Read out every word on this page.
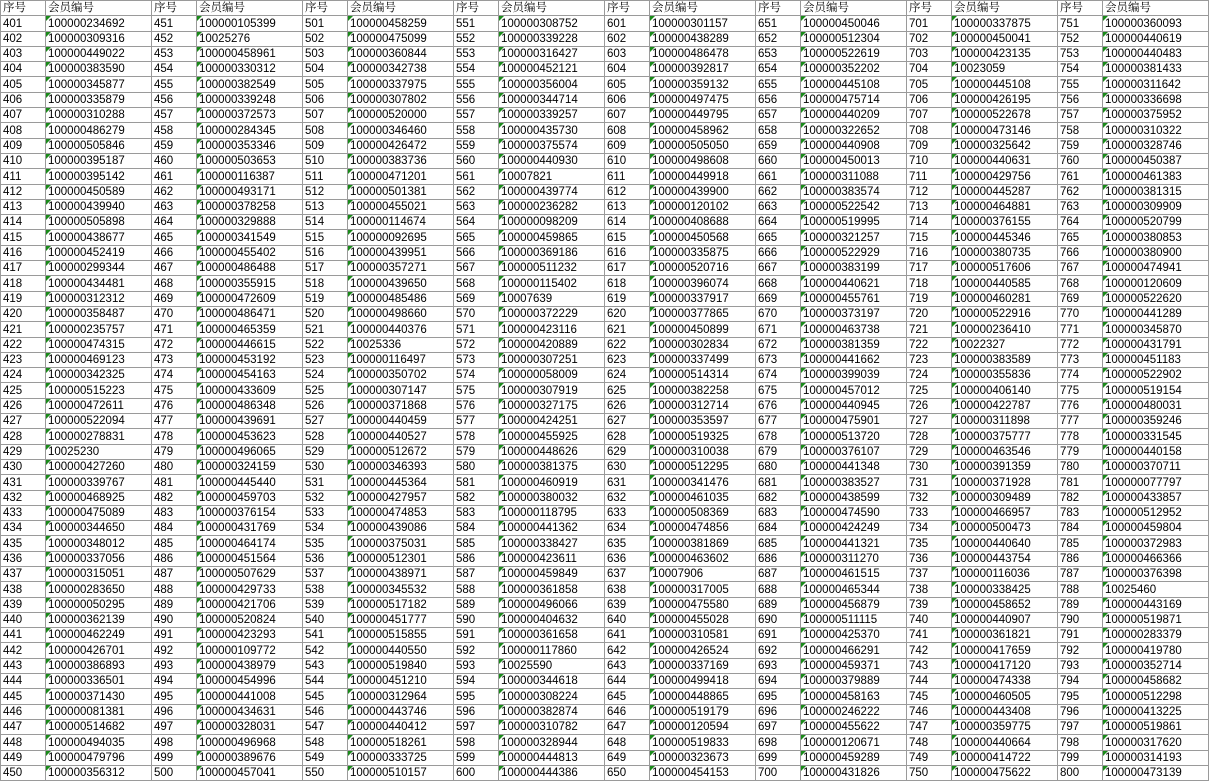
序号	会员编号	序号	会员编号	序号	会员编号	序号	会员编号	序号	会员编号	序号	会员编号	序号	会员编号	序号	会员编号
401	100000234692	451	100000105399	501	100000458259	551	100000308752	601	100000301157	651	100000450046	701	100000337875	751	100000360093
402	100000309316	452	10025276	502	100000475099	552	100000339228	602	100000438289	652	100000512304	702	100000450041	752	100000440619
403	100000449022	453	100000458961	503	100000360844	553	100000316427	603	100000486478	653	100000522619	703	100000423135	753	100000440483
404	100000383590	454	100000330312	504	100000342738	554	100000452121	604	100000392817	654	100000352202	704	10023059	754	100000381433
405	100000345877	455	100000382549	505	100000337975	555	100000356004	605	100000359132	655	100000445108	705	100000445108	755	100000311642
406	100000335879	456	100000339248	506	100000307802	556	100000344714	606	100000497475	656	100000475714	706	100000426195	756	100000336698
407	100000310288	457	100000372573	507	100000520000	557	100000339257	607	100000449795	657	100000440209	707	100000522678	757	100000375952
408	100000486279	458	100000284345	508	100000346460	558	100000435730	608	100000458962	658	100000322652	708	100000473146	758	100000310322
409	100000505846	459	100000353346	509	100000426472	559	100000375574	609	100000505050	659	100000440908	709	100000325642	759	100000328746
410	100000395187	460	100000503653	510	100000383736	560	100000440930	610	100000498608	660	100000450013	710	100000440631	760	100000450387
411	100000395142	461	100000116387	511	100000471201	561	10007821	611	100000449918	661	100000311088	711	100000429756	761	100000461383
412	100000450589	462	100000493171	512	100000501381	562	100000439774	612	100000439900	662	100000383574	712	100000445287	762	100000381315
413	100000439940	463	100000378258	513	100000455021	563	100000236282	613	100000120102	663	100000522542	713	100000464881	763	100000309909
414	100000505898	464	100000329888	514	100000114674	564	100000098209	614	100000408688	664	100000519995	714	100000376155	764	100000520799
415	100000438677	465	100000341549	515	100000092695	565	100000459865	615	100000450568	665	100000321257	715	100000445346	765	100000380853
416	100000452419	466	100000455402	516	100000439951	566	100000369186	616	100000335875	666	100000522929	716	100000380735	766	100000380900
417	100000299344	467	100000486488	517	100000357271	567	100000511232	617	100000520716	667	100000383199	717	100000517606	767	100000474941
418	100000434481	468	100000355915	518	100000439650	568	100000115402	618	100000396074	668	100000440621	718	100000440585	768	100000120609
419	100000312312	469	100000472609	519	100000485486	569	10007639	619	100000337917	669	100000455761	719	100000460281	769	100000522620
420	100000358487	470	100000486471	520	100000498660	570	100000372229	620	100000377865	670	100000373197	720	100000522916	770	100000441289
421	100000235757	471	100000465359	521	100000440376	571	100000423116	621	100000450899	671	100000463738	721	100000236410	771	100000345870
422	100000474315	472	100000446615	522	10025336	572	100000420889	622	100000302834	672	100000381359	722	10022327	772	100000431791
423	100000469123	473	100000453192	523	100000116497	573	100000307251	623	100000337499	673	100000441662	723	100000383589	773	100000451183
424	100000342325	474	100000454163	524	100000350702	574	100000058009	624	100000514314	674	100000399039	724	100000355836	774	100000522902
425	100000515223	475	100000433609	525	100000307147	575	100000307919	625	100000382258	675	100000457012	725	100000406140	775	100000519154
426	100000472611	476	100000486348	526	100000371868	576	100000327175	626	100000312714	676	100000440945	726	100000422787	776	100000480031
427	100000522094	477	100000439691	527	100000440459	577	100000424251	627	100000353597	677	100000475901	727	100000311898	777	100000359246
428	100000278831	478	100000453623	528	100000440527	578	100000455925	628	100000519325	678	100000513720	728	100000375777	778	100000331545
429	10025230	479	100000496065	529	100000512672	579	100000448626	629	100000310038	679	100000376107	729	100000463546	779	100000440158
430	100000427260	480	100000324159	530	100000346393	580	100000381375	630	100000512295	680	100000441348	730	100000391359	780	100000370711
431	100000339767	481	100000445440	531	100000445364	581	100000460919	631	100000341476	681	100000383527	731	100000371928	781	100000077797
432	100000468925	482	100000459703	532	100000427957	582	100000380032	632	100000461035	682	100000438599	732	100000309489	782	100000433857
433	100000475089	483	100000376154	533	100000474853	583	100000118795	633	100000508369	683	100000474590	733	100000466957	783	100000512952
434	100000344650	484	100000431769	534	100000439086	584	100000441362	634	100000474856	684	100000424249	734	100000500473	784	100000459804
435	100000348012	485	100000464174	535	100000375031	585	100000338427	635	100000381869	685	100000441321	735	100000440640	785	100000372983
436	100000337056	486	100000451564	536	100000512301	586	100000423611	636	100000463602	686	100000311270	736	100000443754	786	100000466366
437	100000315051	487	100000507629	537	100000438971	587	100000459849	637	10007906	687	100000461515	737	100000116036	787	100000376398
438	100000283650	488	100000429733	538	100000345532	588	100000361858	638	100000317005	688	100000465344	738	100000338425	788	10025460
439	100000050295	489	100000421706	539	100000517182	589	100000496066	639	100000475580	689	100000456879	739	100000458652	789	100000443169
440	100000362139	490	100000520824	540	100000451777	590	100000404632	640	100000455028	690	100000511115	740	100000440907	790	100000519871
441	100000462249	491	100000423293	541	100000515855	591	100000361658	641	100000310581	691	100000425370	741	100000361821	791	100000283379
442	100000426701	492	100000109772	542	100000440550	592	100000117860	642	100000426524	692	100000466291	742	100000417659	792	100000419780
443	100000386893	493	100000438979	543	100000519840	593	10025590	643	100000337169	693	100000459371	743	100000417120	793	100000352714
444	100000336501	494	100000454996	544	100000451210	594	100000344618	644	100000499418	694	100000379889	744	100000474338	794	100000458682
445	100000371430	495	100000441008	545	100000312964	595	100000308224	645	100000448865	695	100000458163	745	100000460505	795	100000512298
446	100000081381	496	100000434631	546	100000443746	596	100000382874	646	100000519179	696	100000246222	746	100000443408	796	100000413225
447	100000514682	497	100000328031	547	100000440412	597	100000310782	647	100000120594	697	100000455622	747	100000359775	797	100000519861
448	100000494035	498	100000496968	548	100000518261	598	100000328944	648	100000519833	698	100000120671	748	100000440664	798	100000317620
449	100000479796	499	100000389676	549	100000333725	599	100000444813	649	100000323673	699	100000459289	749	100000414722	799	100000314193
450	100000356312	500	100000457041	550	100000510157	600	100000444386	650	100000454153	700	100000431826	750	100000475622	800	100000473139
